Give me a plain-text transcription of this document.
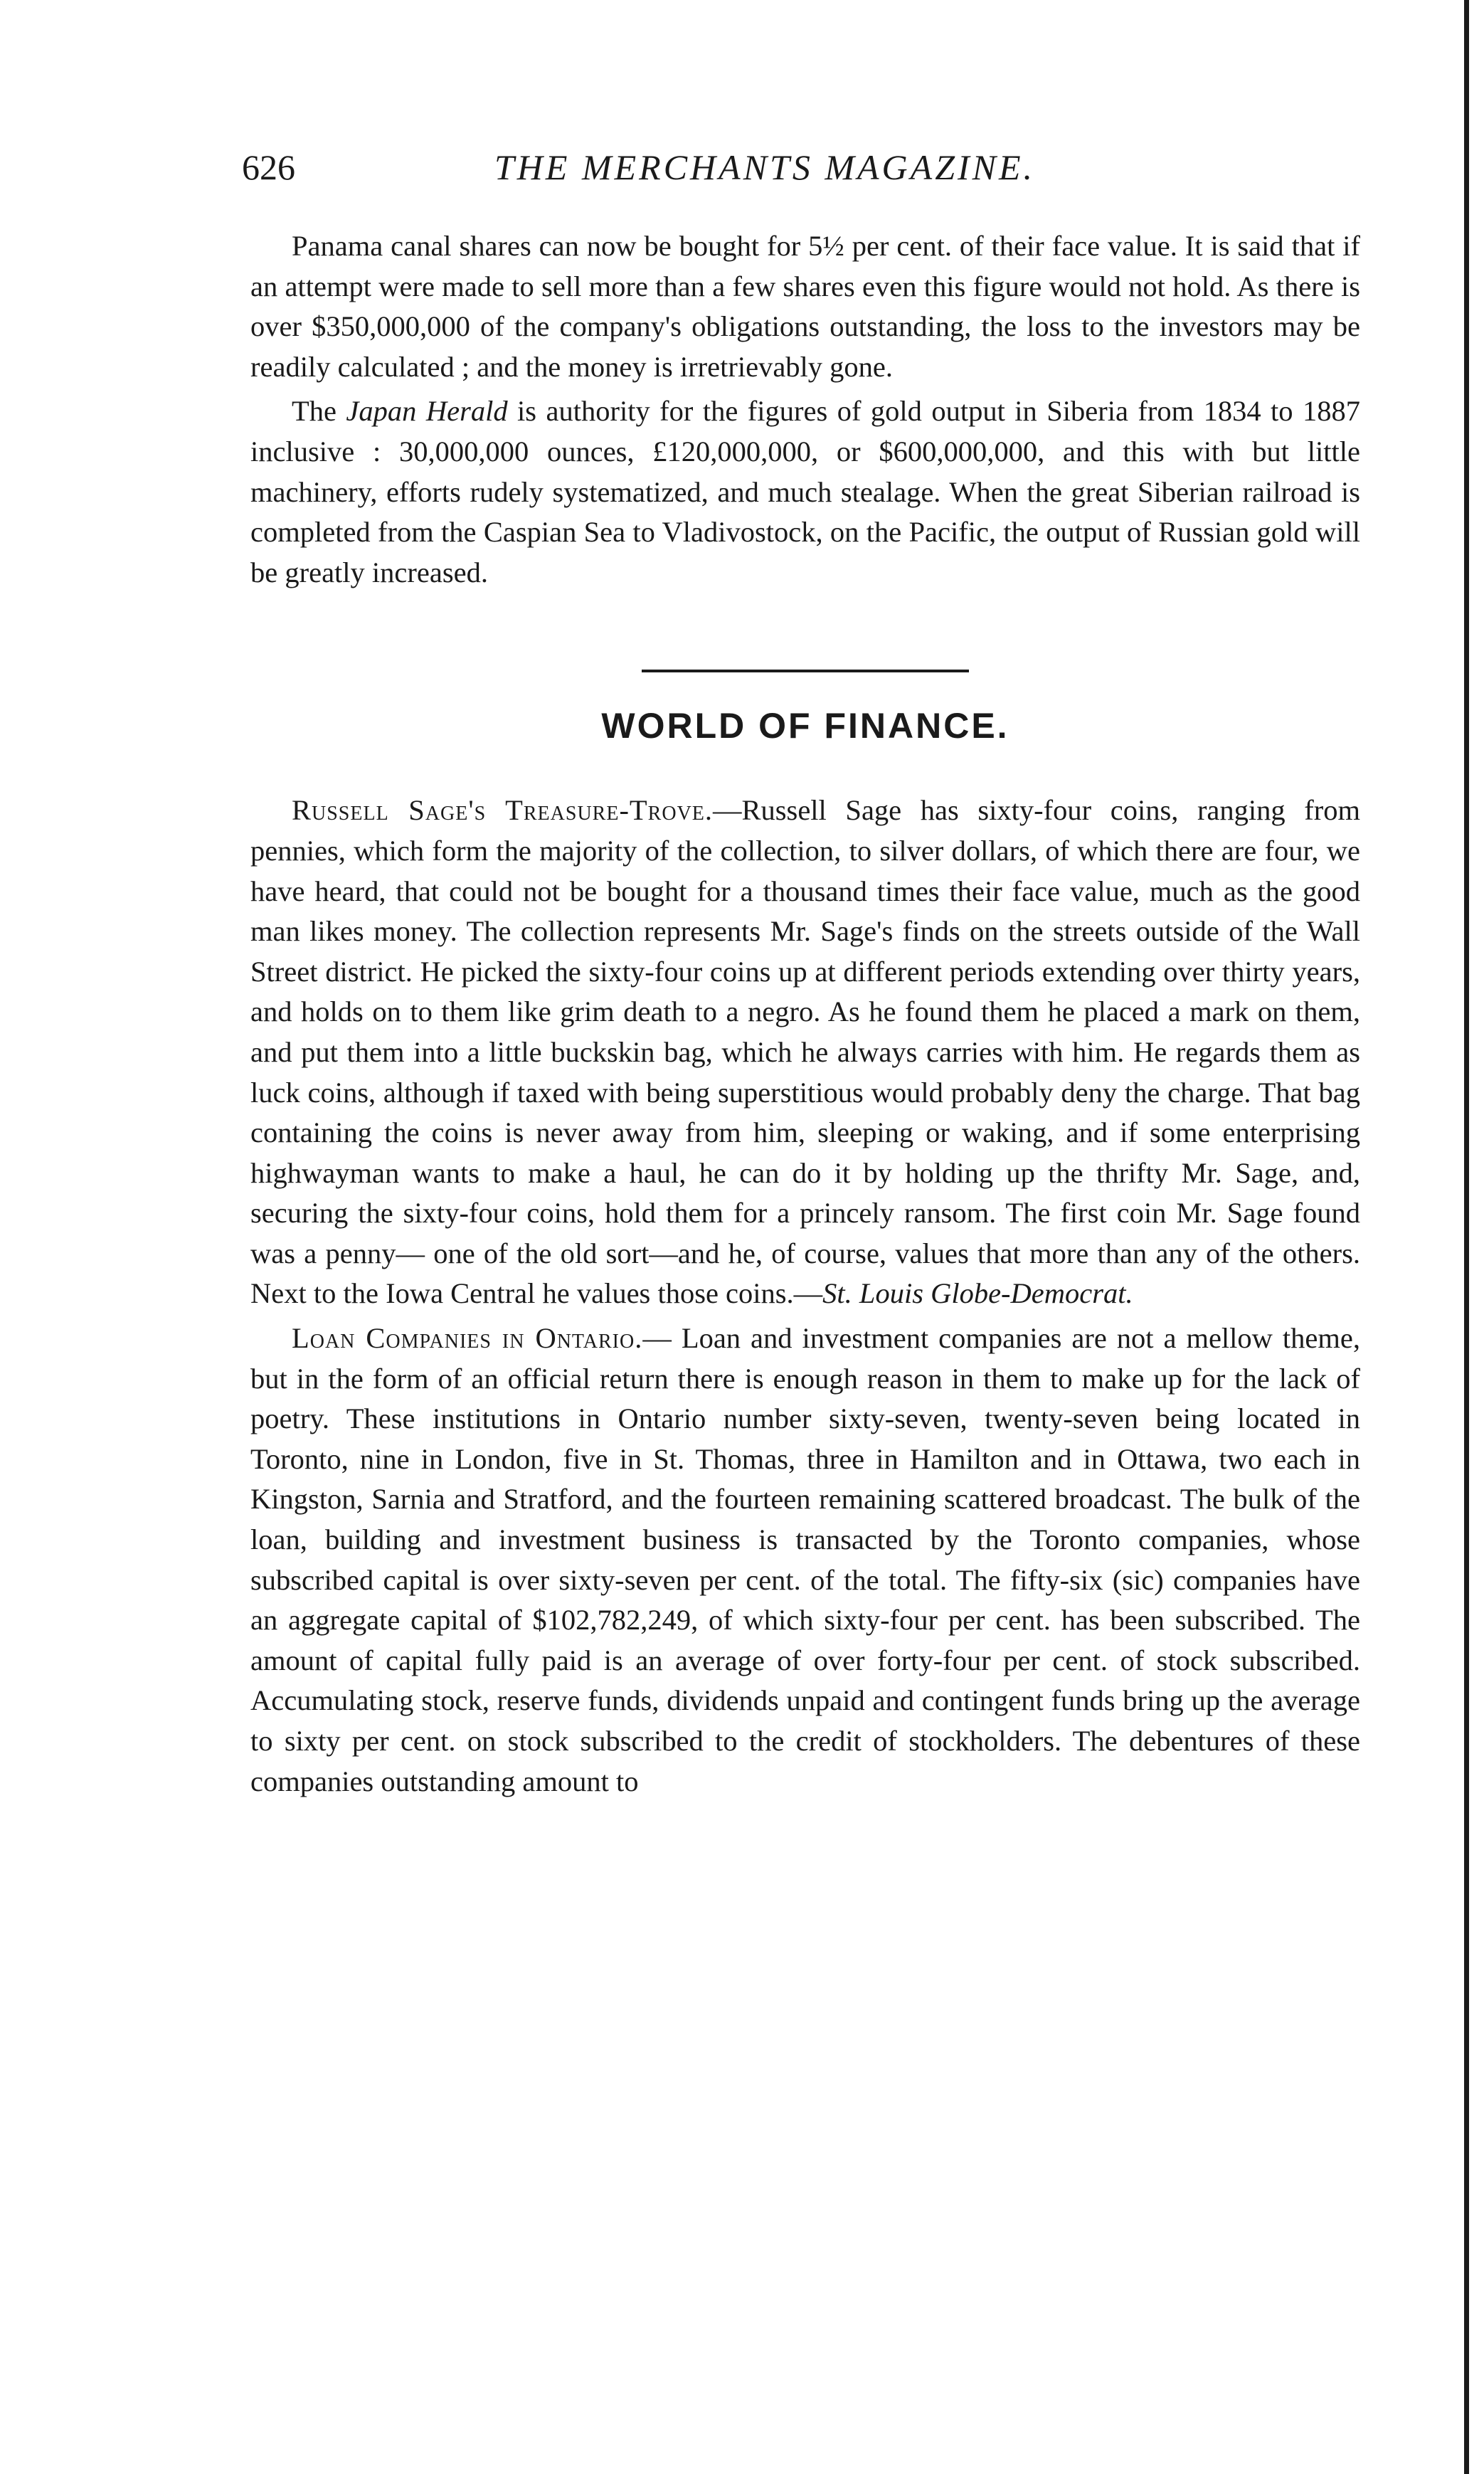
626	THE MERCHANTS MAGAZINE.

Panama canal shares can now be bought for 5½ per cent. of their face value. It is said that if an attempt were made to sell more than a few shares even this figure would not hold. As there is over $350,000,000 of the company's obligations outstanding, the loss to the investors may be readily calculated ; and the money is irretrievably gone.

The Japan Herald is authority for the figures of gold output in Siberia from 1834 to 1887 inclusive : 30,000,000 ounces, £120,000,000, or $600,000,000, and this with but little machinery, efforts rudely systematized, and much stealage. When the great Siberian railroad is completed from the Caspian Sea to Vladivostock, on the Pacific, the output of Russian gold will be greatly increased.

WORLD OF FINANCE.

Russell Sage's Treasure-Trove.—Russell Sage has sixty-four coins, ranging from pennies, which form the majority of the collection, to silver dollars, of which there are four, we have heard, that could not be bought for a thousand times their face value, much as the good man likes money. The collection represents Mr. Sage's finds on the streets outside of the Wall Street district. He picked the sixty-four coins up at different periods extending over thirty years, and holds on to them like grim death to a negro. As he found them he placed a mark on them, and put them into a little buckskin bag, which he always carries with him. He regards them as luck coins, although if taxed with being superstitious would probably deny the charge. That bag containing the coins is never away from him, sleeping or waking, and if some enterprising highwayman wants to make a haul, he can do it by holding up the thrifty Mr. Sage, and, securing the sixty-four coins, hold them for a princely ransom. The first coin Mr. Sage found was a penny— one of the old sort—and he, of course, values that more than any of the others. Next to the Iowa Central he values those coins.—St. Louis Globe-Democrat.

Loan Companies in Ontario.— Loan and investment companies are not a mellow theme, but in the form of an official return there is enough reason in them to make up for the lack of poetry. These institutions in Ontario number sixty-seven, twenty-seven being located in Toronto, nine in London, five in St. Thomas, three in Hamilton and in Ottawa, two each in Kingston, Sarnia and Stratford, and the fourteen remaining scattered broadcast. The bulk of the loan, building and investment business is transacted by the Toronto companies, whose subscribed capital is over sixty-seven per cent. of the total. The fifty-six (sic) companies have an aggregate capital of $102,782,249, of which sixty-four per cent. has been subscribed. The amount of capital fully paid is an average of over forty-four per cent. of stock subscribed. Accumulating stock, reserve funds, dividends unpaid and contingent funds bring up the average to sixty per cent. on stock subscribed to the credit of stockholders. The debentures of these companies outstanding amount to
